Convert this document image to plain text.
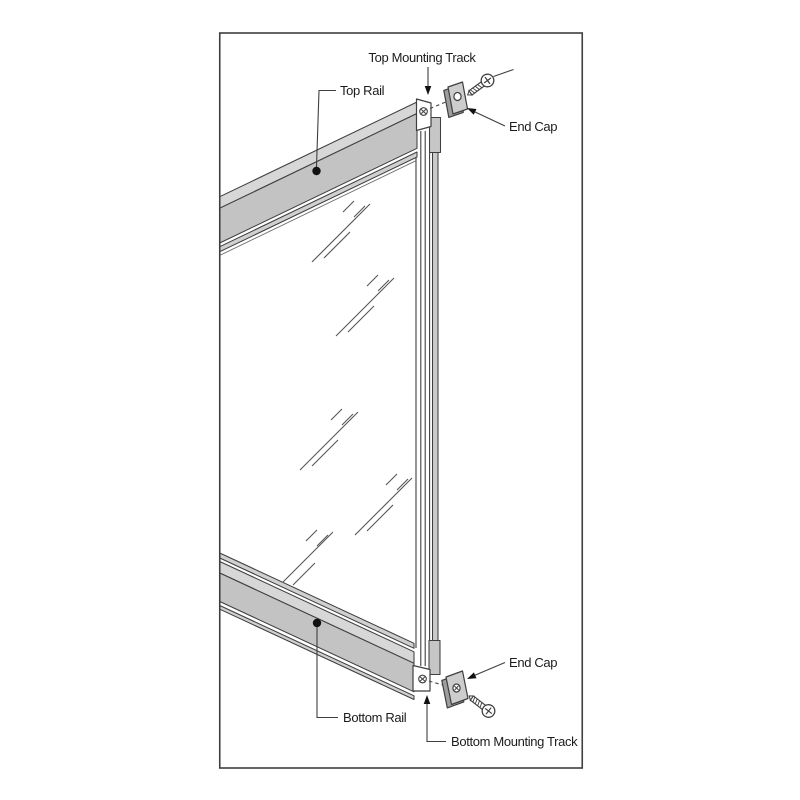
Top Mounting Track
Top Rail
End Cap
End Cap
Bottom Rail
Bottom Mounting Track
